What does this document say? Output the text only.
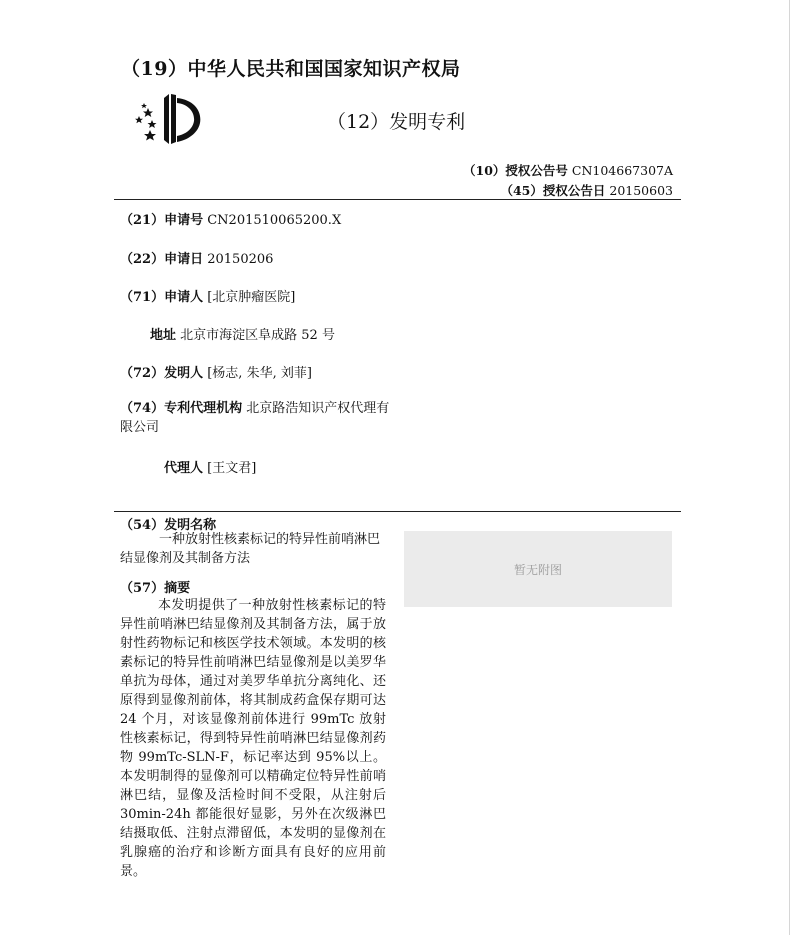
（19）中华人民共和国国家知识产权局
（12）发明专利
（10）授权公告号 CN104667307A
（45）授权公告日 20150603
（21）申请号 CN201510065200.X
（22）申请日 20150206
（71）申请人 [北京肿瘤医院]
地址 北京市海淀区阜成路 52 号
（72）发明人 [杨志, 朱华, 刘菲]
（74）专利代理机构 北京路浩知识产权代理有限公司
代理人 [王文君]
（54）发明名称
一种放射性核素标记的特异性前哨淋巴结显像剂及其制备方法
（57）摘要
本发明提供了一种放射性核素标记的特异性前哨淋巴结显像剂及其制备方法，属于放射性药物标记和核医学技术领域。本发明的核素标记的特异性前哨淋巴结显像剂是以美罗华单抗为母体，通过对美罗华单抗分离纯化、还原得到显像剂前体，将其制成药盒保存期可达 24 个月，对该显像剂前体进行 99mTc 放射性核素标记，得到特异性前哨淋巴结显像剂药物 99mTc-SLN-F，标记率达到 95%以上。本发明制得的显像剂可以精确定位特异性前哨淋巴结，显像及活检时间不受限，从注射后 30min-24h 都能很好显影，另外在次级淋巴结摄取低、注射点滞留低，本发明的显像剂在乳腺癌的治疗和诊断方面具有良好的应用前景。
暂无附图
